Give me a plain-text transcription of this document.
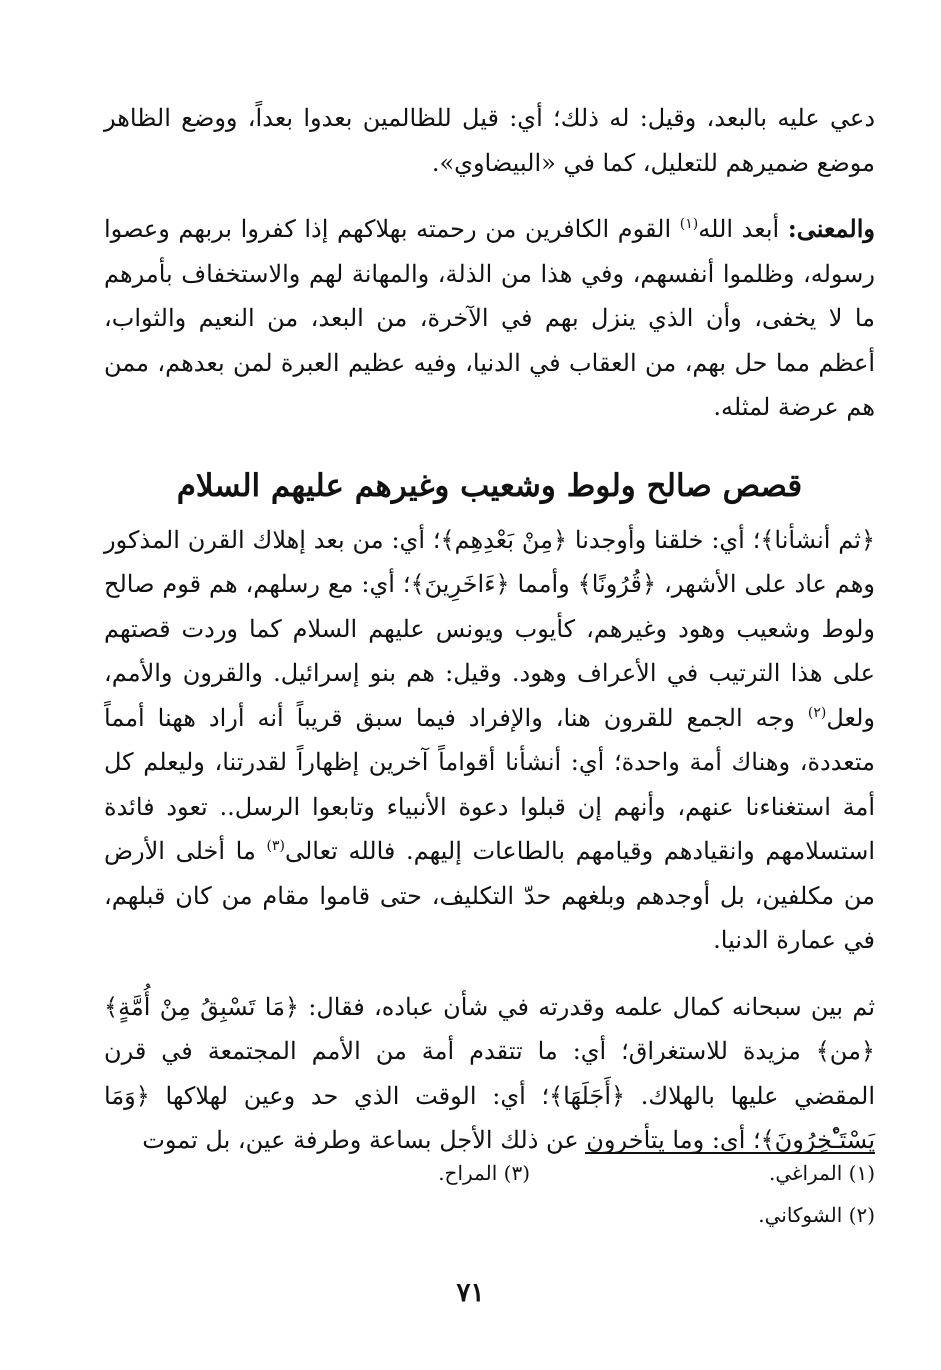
دعي عليه بالبعد، وقيل: له ذلك؛ أي: قيل للظالمين بعدوا بعداً، ووضع الظاهر موضع ضميرهم للتعليل، كما في «البيضاوي».

والمعنى: أبعد الله$^{(١)}$ القوم الكافرين من رحمته بهلاكهم إذا كفروا بربهم وعصوا رسوله، وظلموا أنفسهم، وفي هذا من الذلة، والمهانة لهم والاستخفاف بأمرهم ما لا يخفى، وأن الذي ينزل بهم في الآخرة، من البعد، من النعيم والثواب، أعظم مما حل بهم، من العقاب في الدنيا، وفيه عظيم العبرة لمن بعدهم، ممن هم عرضة لمثله.

قصص صالح ولوط وشعيب وغيرهم عليهم السلام

﴿ثم أنشأنا﴾؛ أي: خلقنا وأوجدنا ﴿مِنْ بَعْدِهِم﴾؛ أي: من بعد إهلاك القرن المذكور وهم عاد على الأشهر، ﴿قُرُونًا﴾ وأمما ﴿ءَاخَرِينَ﴾؛ أي: مع رسلهم، هم قوم صالح ولوط وشعيب وهود وغيرهم، كأيوب ويونس عليهم السلام كما وردت قصتهم على هذا الترتيب في الأعراف وهود. وقيل: هم بنو إسرائيل. والقرون والأمم، ولعل$^{(٢)}$ وجه الجمع للقرون هنا، والإفراد فيما سبق قريباً أنه أراد ههنا أمماً متعددة، وهناك أمة واحدة؛ أي: أنشأنا أقواماً آخرين إظهاراً لقدرتنا، وليعلم كل أمة استغناءنا عنهم، وأنهم إن قبلوا دعوة الأنبياء وتابعوا الرسل.. تعود فائدة استسلامهم وانقيادهم وقيامهم بالطاعات إليهم. فالله تعالى$^{(٣)}$ ما أخلى الأرض من مكلفين، بل أوجدهم وبلغهم حدّ التكليف، حتى قاموا مقام من كان قبلهم، في عمارة الدنيا.

ثم بين سبحانه كمال علمه وقدرته في شأن عباده، فقال: ﴿مَا تَسْبِقُ مِنْ أُمَّةٍ﴾ ﴿من﴾ مزيدة للاستغراق؛ أي: ما تتقدم أمة من الأمم المجتمعة في قرن المقضي عليها بالهلاك. ﴿أَجَلَهَا﴾؛ أي: الوقت الذي حد وعين لهلاكها ﴿وَمَا يَسْتَـْٔخِرُونَ﴾؛ أي: وما يتأخرون عن ذلك الأجل بساعة وطرفة عين، بل تموت

(١) المراغي.
(٣) المراح.
(٢) الشوكاني.
٧١
